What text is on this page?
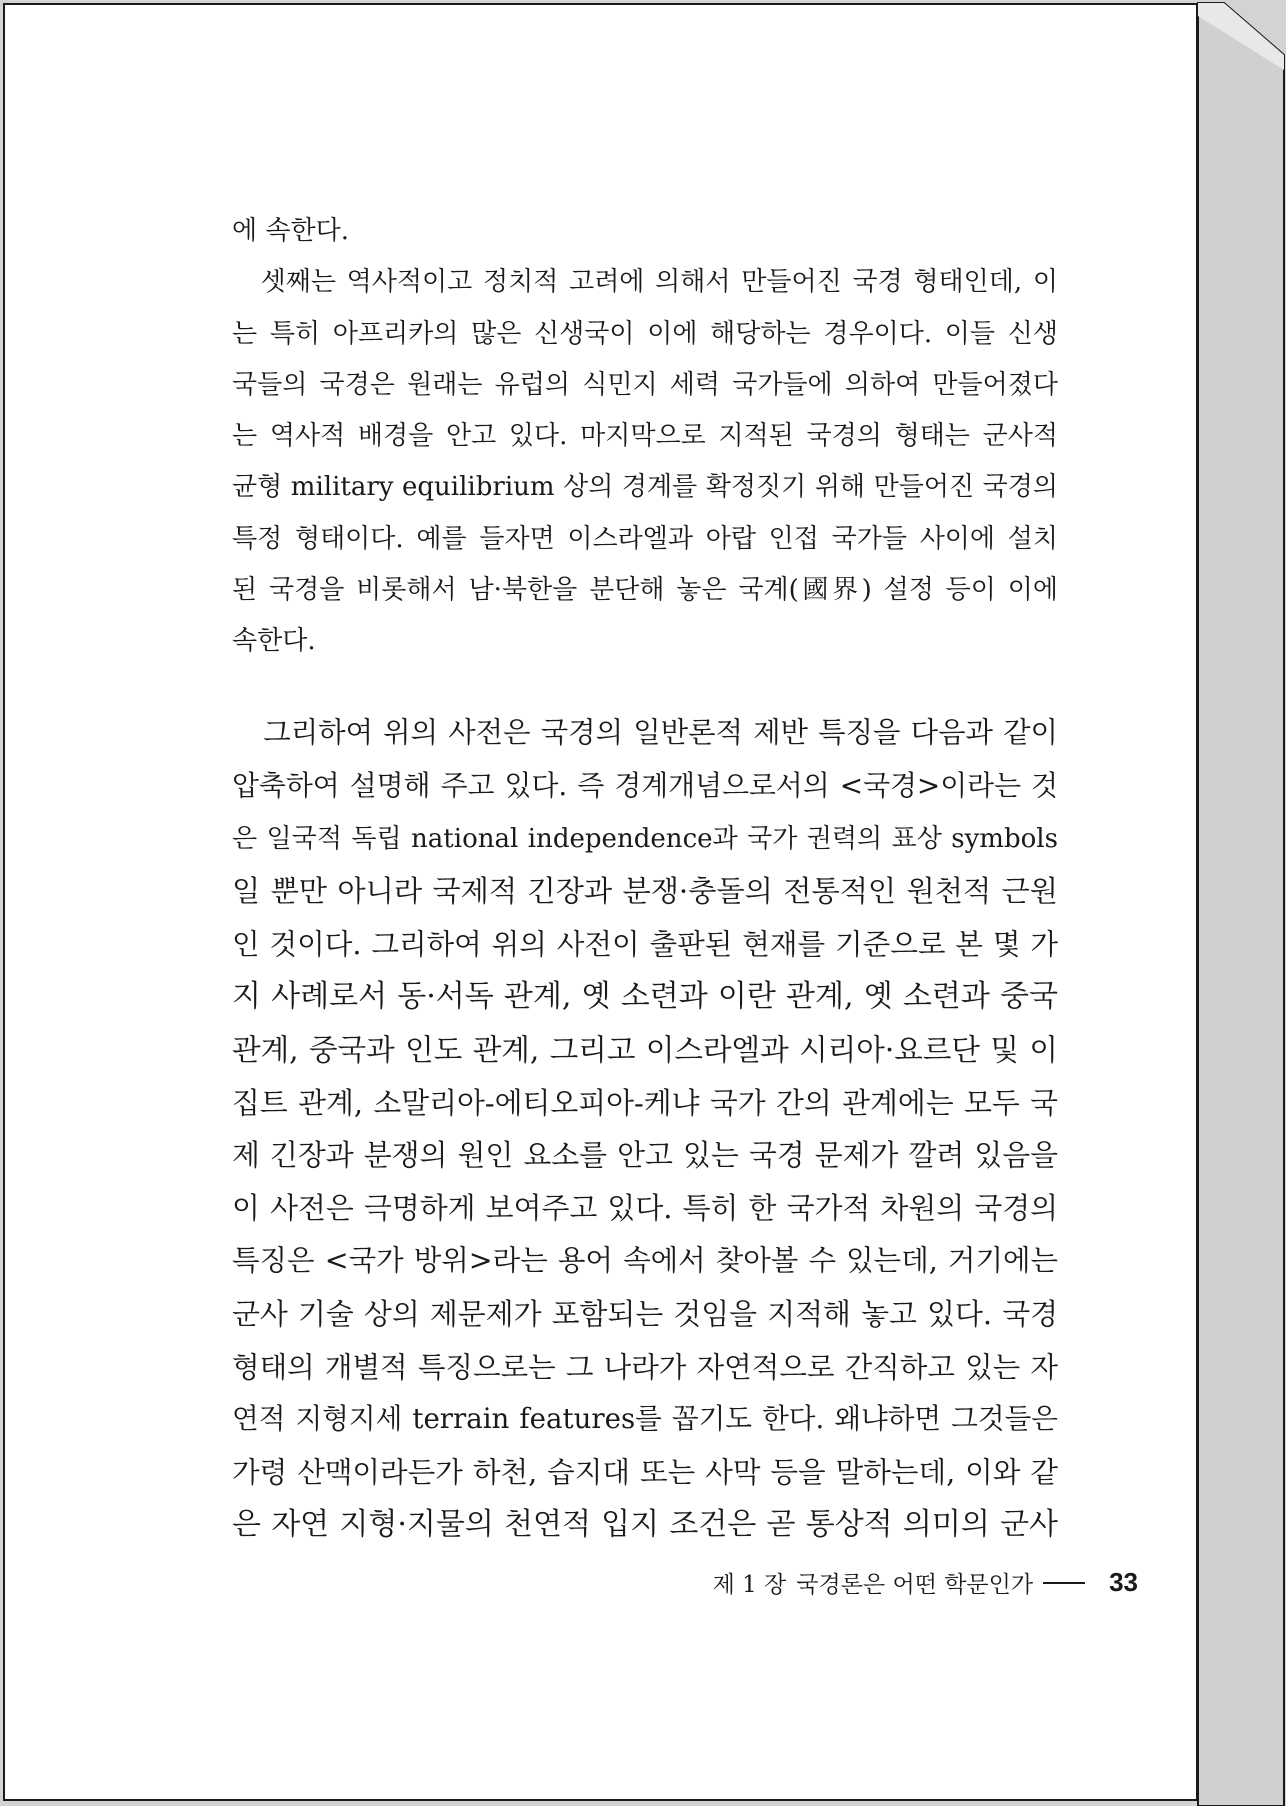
에 속한다.
셋째는 역사적이고 정치적 고려에 의해서 만들어진 국경 형태인데, 이
는 특히 아프리카의 많은 신생국이 이에 해당하는 경우이다. 이들 신생
국들의 국경은 원래는 유럽의 식민지 세력 국가들에 의하여 만들어졌다
는 역사적 배경을 안고 있다. 마지막으로 지적된 국경의 형태는 군사적
균형 military equilibrium 상의 경계를 확정짓기 위해 만들어진 국경의
특정 형태이다. 예를 들자면 이스라엘과 아랍 인접 국가들 사이에 설치
된 국경을 비롯해서 남·북한을 분단해 놓은 국계(國界) 설정 등이 이에
속한다.
그리하여 위의 사전은 국경의 일반론적 제반 특징을 다음과 같이
압축하여 설명해 주고 있다. 즉 경계개념으로서의 <국경>이라는 것
은 일국적 독립 national independence과 국가 권력의 표상 symbols
일 뿐만 아니라 국제적 긴장과 분쟁·충돌의 전통적인 원천적 근원
인 것이다. 그리하여 위의 사전이 출판된 현재를 기준으로 본 몇 가
지 사례로서 동·서독 관계, 옛 소련과 이란 관계, 옛 소련과 중국
관계, 중국과 인도 관계, 그리고 이스라엘과 시리아·요르단 및 이
집트 관계, 소말리아-에티오피아-케냐 국가 간의 관계에는 모두 국
제 긴장과 분쟁의 원인 요소를 안고 있는 국경 문제가 깔려 있음을
이 사전은 극명하게 보여주고 있다. 특히 한 국가적 차원의 국경의
특징은 <국가 방위>라는 용어 속에서 찾아볼 수 있는데, 거기에는
군사 기술 상의 제문제가 포함되는 것임을 지적해 놓고 있다. 국경
형태의 개별적 특징으로는 그 나라가 자연적으로 간직하고 있는 자
연적 지형지세 terrain features를 꼽기도 한다. 왜냐하면 그것들은
가령 산맥이라든가 하천, 습지대 또는 사막 등을 말하는데, 이와 같
은 자연 지형·지물의 천연적 입지 조건은 곧 통상적 의미의 군사
제 1 장 국경론은 어떤 학문인가	33
